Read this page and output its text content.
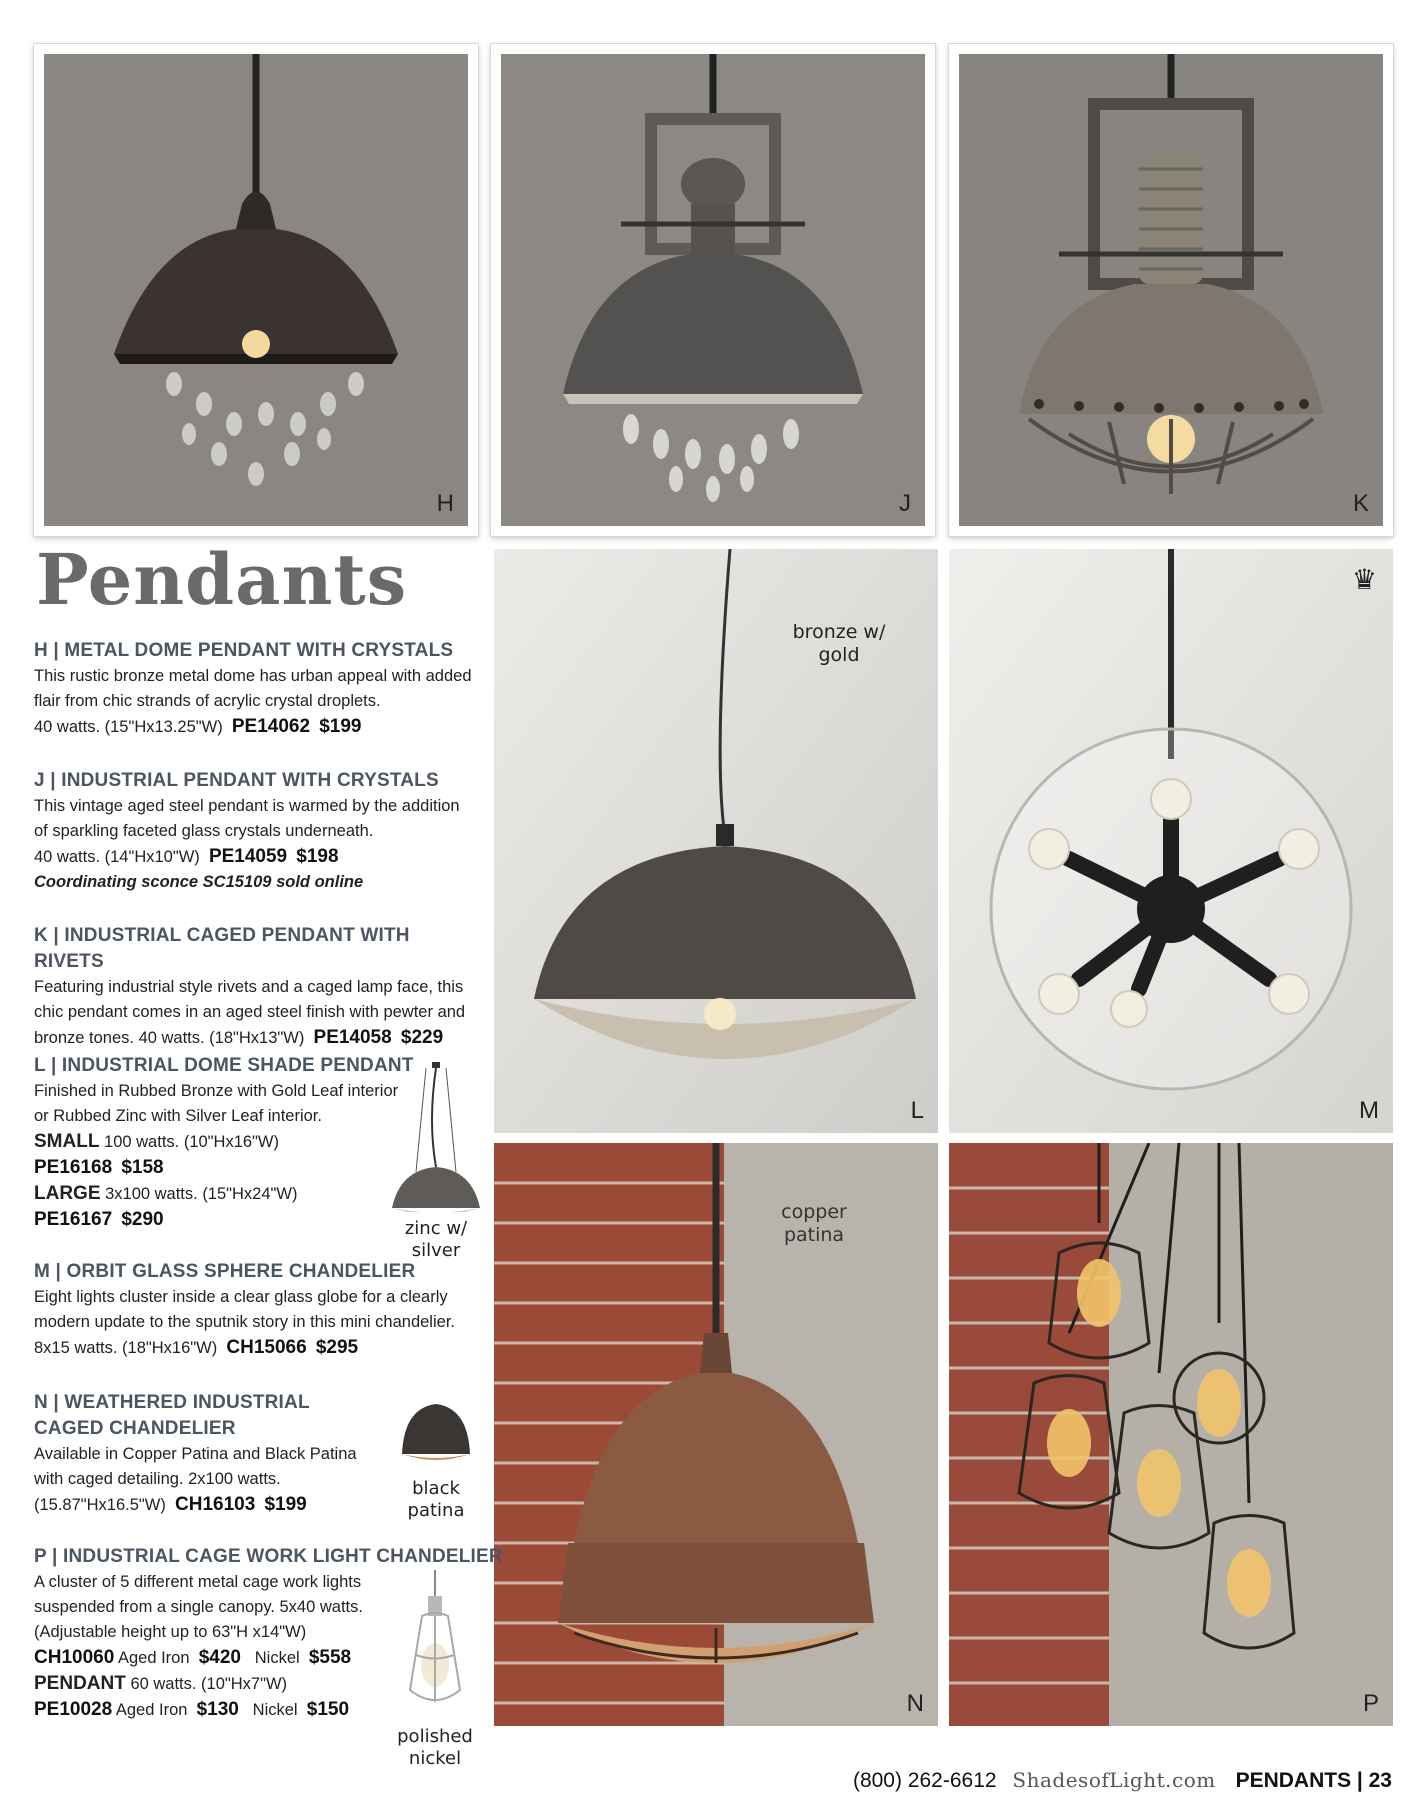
H	J	K
bronze w/
gold
L
♛
M
copper
patina
N	P
Pendants
H | METAL DOME PENDANT WITH CRYSTALS
This rustic bronze metal dome has urban appeal with added
flair from chic strands of acrylic crystal droplets.
40 watts. (15"Hx13.25"W) PE14062 $199
J | INDUSTRIAL PENDANT WITH CRYSTALS
This vintage aged steel pendant is warmed by the addition
of sparkling faceted glass crystals underneath.
40 watts. (14"Hx10"W) PE14059 $198
Coordinating sconce SC15109 sold online
K | INDUSTRIAL CAGED PENDANT WITH RIVETS
Featuring industrial style rivets and a caged lamp face, this
chic pendant comes in an aged steel finish with pewter and
bronze tones. 40 watts. (18"Hx13"W) PE14058 $229
L | INDUSTRIAL DOME SHADE PENDANT
Finished in Rubbed Bronze with Gold Leaf interior
or Rubbed Zinc with Silver Leaf interior.
SMALL 100 watts. (10"Hx16"W)
PE16168 $158
LARGE 3x100 watts. (15"Hx24"W)
PE16167 $290	zinc w/
silver
M | ORBIT GLASS SPHERE CHANDELIER
Eight lights cluster inside a clear glass globe for a clearly
modern update to the sputnik story in this mini chandelier.
8x15 watts. (18"Hx16"W) CH15066 $295
N | WEATHERED INDUSTRIAL
CAGED CHANDELIER
Available in Copper Patina and Black Patina
with caged detailing. 2x100 watts.
(15.87"Hx16.5"W) CH16103 $199
black
patina
P | INDUSTRIAL CAGE WORK LIGHT CHANDELIER
A cluster of 5 different metal cage work lights
suspended from a single canopy. 5x40 watts.
(Adjustable height up to 63"H x14"W)
CH10060 Aged Iron $420 Nickel $558
PENDANT 60 watts. (10"Hx7"W)
PE10028 Aged Iron $130 Nickel $150
polished
nickel
(800) 262-6612 ShadesofLight.com PENDANTS | 23
